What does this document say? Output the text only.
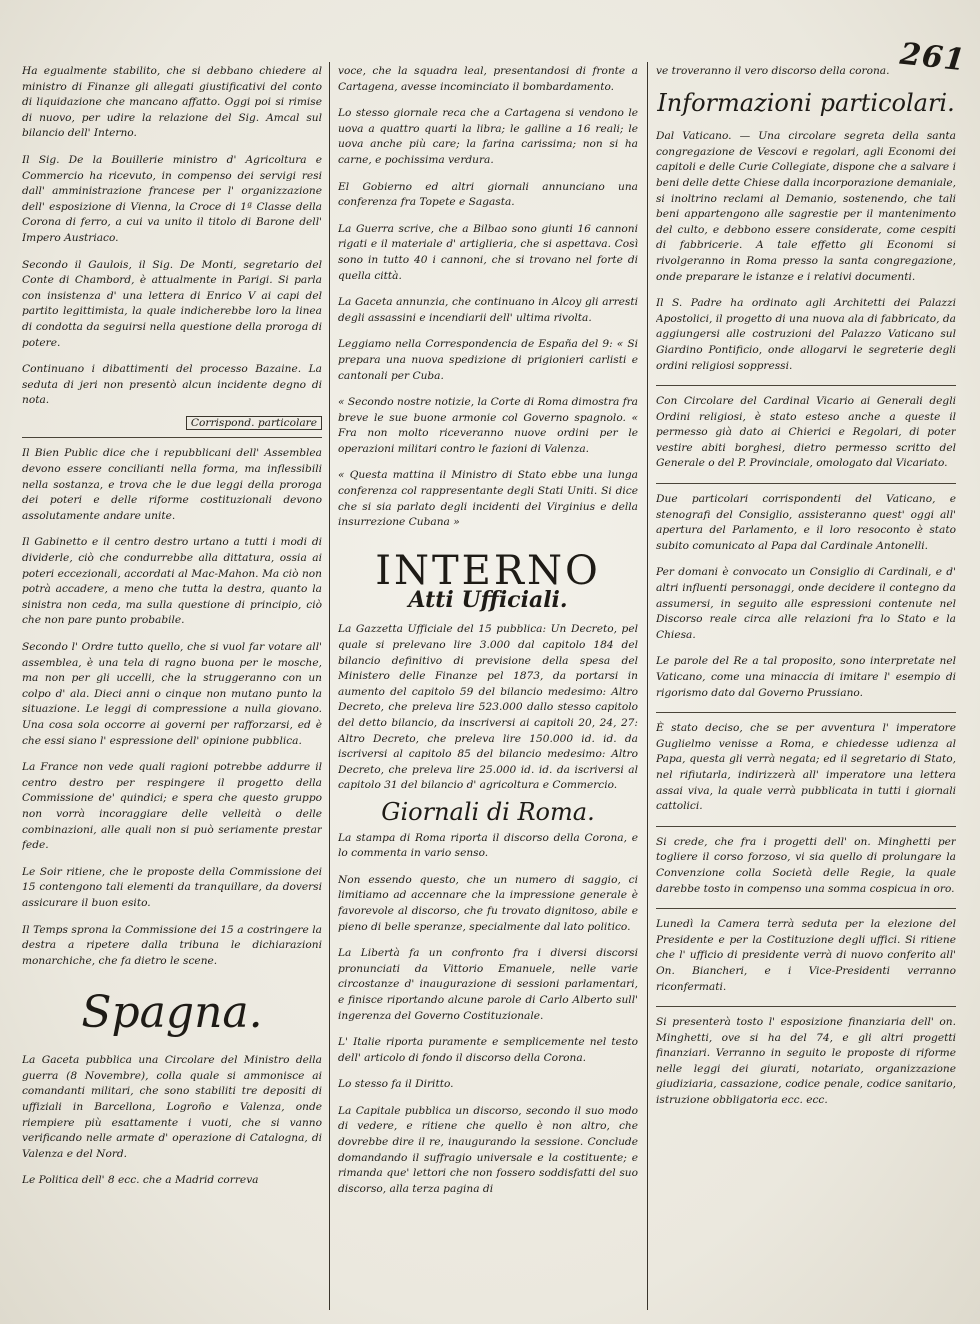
261

Ha egualmente stabilito, che si debbano chiedere al ministro di Finanze gli allegati giustificativi del conto di liquidazione che mancano affatto. Oggi poi si rimise di nuovo, per udire la relazione del Sig. Amcal sul bilancio dell' Interno.

Il Sig. De la Bouillerie ministro d' Agricoltura e Commercio ha ricevuto, in compenso dei servigi resi dall' amministrazione francese per l' organizzazione dell' esposizione di Vienna, la Croce di 1ª Classe della Corona di ferro, a cui va unito il titolo di Barone dell' Impero Austriaco.

Secondo il Gaulois, il Sig. De Monti, segretario del Conte di Chambord, è attualmente in Parigi. Si parla con insistenza d' una lettera di Enrico V ai capi del partito legittimista, la quale indicherebbe loro la linea di condotta da seguirsi nella questione della proroga di potere.

Continuano i dibattimenti del processo Bazaine. La seduta di jeri non presentò alcun incidente degno di nota.

Corrispond. particolare

Il Bien Public dice che i repubblicani dell' Assemblea devono essere concilianti nella forma, ma inflessibili nella sostanza, e trova che le due leggi della proroga dei poteri e delle riforme costituzionali devono assolutamente andare unite.

Il Gabinetto e il centro destro urtano a tutti i modi di dividerle, ciò che condurrebbe alla dittatura, ossia ai poteri eccezionali, accordati al Mac-Mahon. Ma ciò non potrà accadere, a meno che tutta la destra, quanto la sinistra non ceda, ma sulla questione di principio, ciò che non pare punto probabile.

Secondo l' Ordre tutto quello, che si vuol far votare all' assemblea, è una tela di ragno buona per le mosche, ma non per gli uccelli, che la struggeranno con un colpo d' ala. Dieci anni o cinque non mutano punto la situazione. Le leggi di compressione a nulla giovano. Una cosa sola occorre ai governi per rafforzarsi, ed è che essi siano l' espressione dell' opinione pubblica.

La France non vede quali ragioni potrebbe addurre il centro destro per respingere il progetto della Commissione de' quindici; e spera che questo gruppo non vorrà incoraggiare delle velleità o delle combinazioni, alle quali non si può seriamente prestar fede.

Le Soir ritiene, che le proposte della Commissione dei 15 contengono tali elementi da tranquillare, da doversi assicurare il buon esito.

Il Temps sprona la Commissione dei 15 a costringere la destra a ripetere dalla tribuna le dichiarazioni monarchiche, che fa dietro le scene.

Spagna.

La Gaceta pubblica una Circolare del Ministro della guerra (8 Novembre), colla quale si ammonisce ai comandanti militari, che sono stabiliti tre depositi di uffiziali in Barcellona, Logroño e Valenza, onde riempiere più esattamente i vuoti, che si vanno verificando nelle armate d' operazione di Catalogna, di Valenza e del Nord.

Le Politica dell' 8 ecc. che a Madrid correva

voce, che la squadra leal, presentandosi di fronte a Cartagena, avesse incominciato il bombardamento.

Lo stesso giornale reca che a Cartagena si vendono le uova a quattro quarti la libra; le galline a 16 reali; le uova anche più care; la farina carissima; non si ha carne, e pochissima verdura.

El Gobierno ed altri giornali annunciano una conferenza fra Topete e Sagasta.

La Guerra scrive, che a Bilbao sono giunti 16 cannoni rigati e il materiale d' artiglieria, che si aspettava. Così sono in tutto 40 i cannoni, che si trovano nel forte di quella città.

La Gaceta annunzia, che continuano in Alcoy gli arresti degli assassini e incendiarii dell' ultima rivolta.

Leggiamo nella Correspondencia de España del 9: « Si prepara una nuova spedizione di prigionieri carlisti e cantonali per Cuba.

« Secondo nostre notizie, la Corte di Roma dimostra fra breve le sue buone armonie col Governo spagnolo. « Fra non molto riceveranno nuove ordini per le operazioni militari contro le fazioni di Valenza.

« Questa mattina il Ministro di Stato ebbe una lunga conferenza col rappresentante degli Stati Uniti. Si dice che si sia parlato degli incidenti del Virginius e della insurrezione Cubana »

INTERNO
Atti Ufficiali.

La Gazzetta Ufficiale del 15 pubblica: Un Decreto, pel quale si prelevano lire 3.000 dal capitolo 184 del bilancio definitivo di previsione della spesa del Ministero delle Finanze pel 1873, da portarsi in aumento del capitolo 59 del bilancio medesimo: Altro Decreto, che preleva lire 523.000 dallo stesso capitolo del detto bilancio, da inscriversi ai capitoli 20, 24, 27: Altro Decreto, che preleva lire 150.000 id. id. da iscriversi al capitolo 85 del bilancio medesimo: Altro Decreto, che preleva lire 25.000 id. id. da iscriversi al capitolo 31 del bilancio d' agricoltura e Commercio.

Giornali di Roma.

La stampa di Roma riporta il discorso della Corona, e lo commenta in vario senso.

Non essendo questo, che un numero di saggio, ci limitiamo ad accennare che la impressione generale è favorevole al discorso, che fu trovato dignitoso, abile e pieno di belle speranze, specialmente dal lato politico.

La Libertà fa un confronto fra i diversi discorsi pronunciati da Vittorio Emanuele, nelle varie circostanze d' inaugurazione di sessioni parlamentari, e finisce riportando alcune parole di Carlo Alberto sull' ingerenza del Governo Costituzionale.

L' Italie riporta puramente e semplicemente nel testo dell' articolo di fondo il discorso della Corona.

Lo stesso fa il Diritto.

La Capitale pubblica un discorso, secondo il suo modo di vedere, e ritiene che quello è non altro, che dovrebbe dire il re, inaugurando la sessione. Conclude domandando il suffragio universale e la costituente; e rimanda que' lettori che non fossero soddisfatti del suo discorso, alla terza pagina di

ve troveranno il vero discorso della corona.

Informazioni particolari.

Dal Vaticano. — Una circolare segreta della santa congregazione de Vescovi e regolari, agli Economi dei capitoli e delle Curie Collegiate, dispone che a salvare i beni delle dette Chiese dalla incorporazione demaniale, si inoltrino reclami al Demanio, sostenendo, che tali beni appartengono alle sagrestie per il mantenimento del culto, e debbono essere considerate, come cespiti di fabbricerie. A tale effetto gli Economi si rivolgeranno in Roma presso la santa congregazione, onde preparare le istanze e i relativi documenti.

Il S. Padre ha ordinato agli Architetti dei Palazzi Apostolici, il progetto di una nuova ala di fabbricato, da aggiungersi alle costruzioni del Palazzo Vaticano sul Giardino Pontificio, onde allogarvi le segreterie degli ordini religiosi soppressi.

Con Circolare del Cardinal Vicario ai Generali degli Ordini religiosi, è stato esteso anche a queste il permesso già dato ai Chierici e Regolari, di poter vestire abiti borghesi, dietro permesso scritto del Generale o del P. Provinciale, omologato dal Vicariato.

Due particolari corrispondenti del Vaticano, e stenografi del Consiglio, assisteranno quest' oggi all' apertura del Parlamento, e il loro resoconto è stato subito comunicato al Papa dal Cardinale Antonelli.

Per domani è convocato un Consiglio di Cardinali, e d' altri influenti personaggi, onde decidere il contegno da assumersi, in seguito alle espressioni contenute nel Discorso reale circa alle relazioni fra lo Stato e la Chiesa.

Le parole del Re a tal proposito, sono interpretate nel Vaticano, come una minaccia di imitare l' esempio di rigorismo dato dal Governo Prussiano.

È stato deciso, che se per avventura l' imperatore Guglielmo venisse a Roma, e chiedesse udienza al Papa, questa gli verrà negata; ed il segretario di Stato, nel rifiutarla, indirizzerà all' imperatore una lettera assai viva, la quale verrà pubblicata in tutti i giornali cattolici.

Si crede, che fra i progetti dell' on. Minghetti per togliere il corso forzoso, vi sia quello di prolungare la Convenzione colla Società delle Regie, la quale darebbe tosto in compenso una somma cospicua in oro.

Lunedì la Camera terrà seduta per la elezione del Presidente e per la Costituzione degli uffici. Si ritiene che l' ufficio di presidente verrà di nuovo conferito all' On. Biancheri, e i Vice-Presidenti verranno riconfermati.

Si presenterà tosto l' esposizione finanziaria dell' on. Minghetti, ove si ha del 74, e gli altri progetti finanziari. Verranno in seguito le proposte di riforme nelle leggi dei giurati, notariato, organizzazione giudiziaria, cassazione, codice penale, codice sanitario, istruzione obbligatoria ecc. ecc.
